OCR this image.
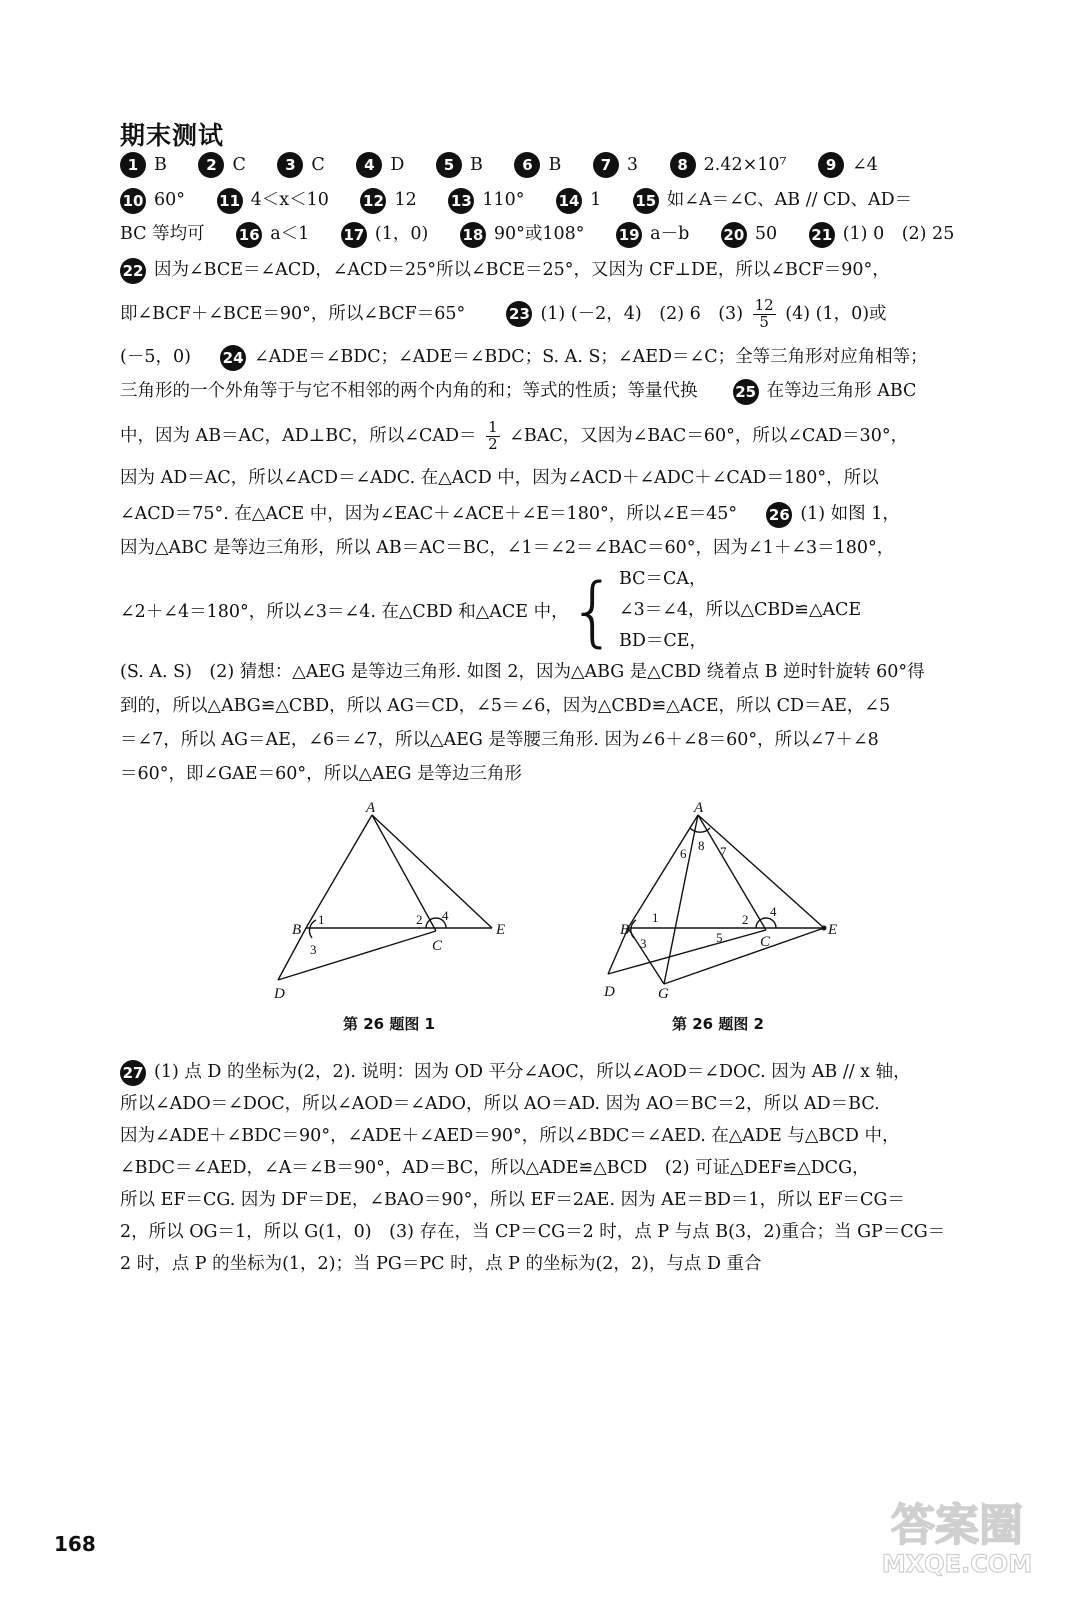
期末测试
1 B	2 C	3 C	4 D	5 B	6 B	7 3	8 2.42×10⁷	9 ∠4
10 60° 11 4＜x＜10 12 12 13 110° 14 1 15 如∠A＝∠C、AB // CD、AD＝
BC 等均可 16 a＜1 17 (1，0) 18 90°或108° 19 a－b 20 50 21 (1) 0　(2) 25
22 因为∠BCE＝∠ACD，∠ACD＝25°所以∠BCE＝25°，又因为 CF⊥DE，所以∠BCF＝90°，
即∠BCF＋∠BCE＝90°，所以∠BCF＝65°	23 (1) (－2，4)　(2) 6　$(3) \frac{12}{5} (4)$ (1，0)或
(－5，0) 24 ∠ADE＝∠BDC；∠ADE＝∠BDC；S. A. S；∠AED＝∠C；全等三角形对应角相等；
三角形的一个外角等于与它不相邻的两个内角的和；等式的性质；等量代换	25 在等边三角形 ABC
中，因为 AB＝AC，AD⊥BC，所以∠CAD＝ $\frac{1}{2}$ ∠BAC，又因为∠BAC＝60°，所以∠CAD＝30°，
因为 AD＝AC，所以∠ACD＝∠ADC. 在△ACD 中，因为∠ACD＋∠ADC＋∠CAD＝180°，所以
∠ACD＝75°. 在△ACE 中，因为∠EAC＋∠ACE＋∠E＝180°，所以∠E＝45° 26 (1) 如图 1，
因为△ABC 是等边三角形，所以 AB＝AC＝BC，∠1＝∠2＝∠BAC＝60°，因为∠1＋∠3＝180°，
∠2＋∠4＝180°，所以∠3＝∠4. 在△CBD 和△ACE 中， { BC＝CA，
∠3＝∠4，所以△CBD≌△ACE
BD＝CE，
(S. A. S)　(2) 猜想：△AEG 是等边三角形. 如图 2，因为△ABG 是△CBD 绕着点 B 逆时针旋转 60°得
到的，所以△ABG≌△CBD，所以 AG＝CD，∠5＝∠6，因为△CBD≌△ACE，所以 CD＝AE，∠5
＝∠7，所以 AG＝AE，∠6＝∠7，所以△AEG 是等腰三角形. 因为∠6＋∠8＝60°，所以∠7＋∠8
＝60°，即∠GAE＝60°，所以△AEG 是等边三角形
A
B
C
D
E
1	2
3
4
第 26 题图 1
A
B
C
D
E
G
1	2
3
4
5
6	7
8
第 26 题图 2
27 (1) 点 D 的坐标为(2，2). 说明：因为 OD 平分∠AOC，所以∠AOD＝∠DOC. 因为 AB // x 轴，
所以∠ADO＝∠DOC，所以∠AOD＝∠ADO，所以 AO＝AD. 因为 AO＝BC＝2，所以 AD＝BC.
因为∠ADE＋∠BDC＝90°，∠ADE＋∠AED＝90°，所以∠BDC＝∠AED. 在△ADE 与△BCD 中，
∠BDC＝∠AED，∠A＝∠B＝90°，AD＝BC，所以△ADE≌△BCD　(2) 可证△DEF≌△DCG，
所以 EF＝CG. 因为 DF＝DE，∠BAO＝90°，所以 EF＝2AE. 因为 AE＝BD＝1，所以 EF＝CG＝
2，所以 OG＝1，所以 G(1，0)　(3) 存在，当 CP＝CG＝2 时，点 P 与点 B(3，2)重合；当 GP＝CG＝
2 时，点 P 的坐标为(1，2)；当 PG＝PC 时，点 P 的坐标为(2，2)，与点 D 重合
168	答案圈
MXQE.COM
